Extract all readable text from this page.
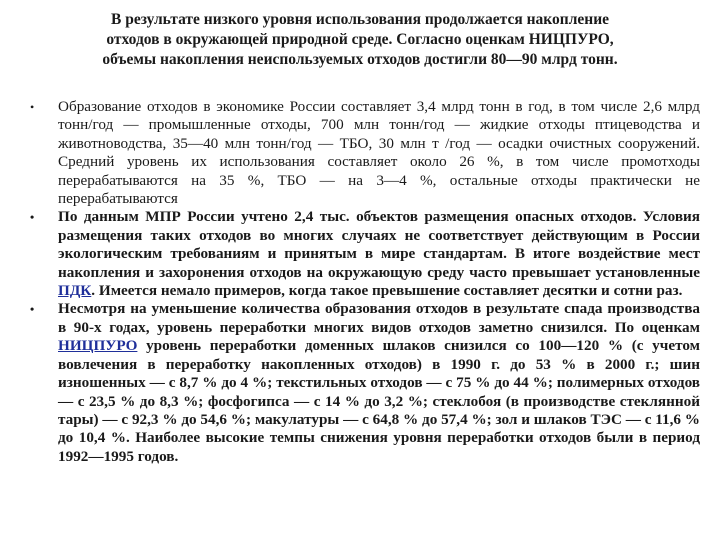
В результате низкого уровня использования продолжается накопление
отходов в окружающей природной среде. Согласно оценкам НИЦПУРО,
объемы накопления неиспользуемых отходов достигли 80—90 млрд тонн.
• Образование отходов в экономике России составляет 3,4 млрд тонн в год, в том числе 2,6 млрд тонн/год — промышленные отходы, 700 млн тонн/год — жидкие отходы птицеводства и животноводства, 35—40 млн тонн/год — ТБО, 30 млн т /год — осадки очистных сооружений. Средний уровень их использования составляет около 26 %, в том числе промотходы перерабатываются на 35 %, ТБО — на 3—4 %, остальные отходы практически не перерабатываются
• По данным МПР России учтено 2,4 тыс. объектов размещения опасных отходов. Условия размещения таких отходов во многих случаях не соответствует действующим в России экологическим требованиям и принятым в мире стандартам. В итоге воздействие мест накопления и захоронения отходов на окружающую среду часто превышает установленные ПДК. Имеется немало примеров, когда такое превышение составляет десятки и сотни раз.
• Несмотря на уменьшение количества образования отходов в результате спада производства в 90-х годах, уровень переработки многих видов отходов заметно снизился. По оценкам НИЦПУРО уровень переработки доменных шлаков снизился со 100—120 % (с учетом вовлечения в переработку накопленных отходов) в 1990 г. до 53 % в 2000 г.; шин изношенных — с 8,7 % до 4 %; текстильных отходов — с 75 % до 44 %; полимерных отходов — с 23,5 % до 8,3 %; фосфогипса — с 14 % до 3,2 %; стеклобоя (в производстве стеклянной тары) — с 92,3 % до 54,6 %; макулатуры — с 64,8 % до 57,4 %; зол и шлаков ТЭС — с 11,6 % до 10,4 %. Наиболее высокие темпы снижения уровня переработки отходов были в период 1992—1995 годов.
